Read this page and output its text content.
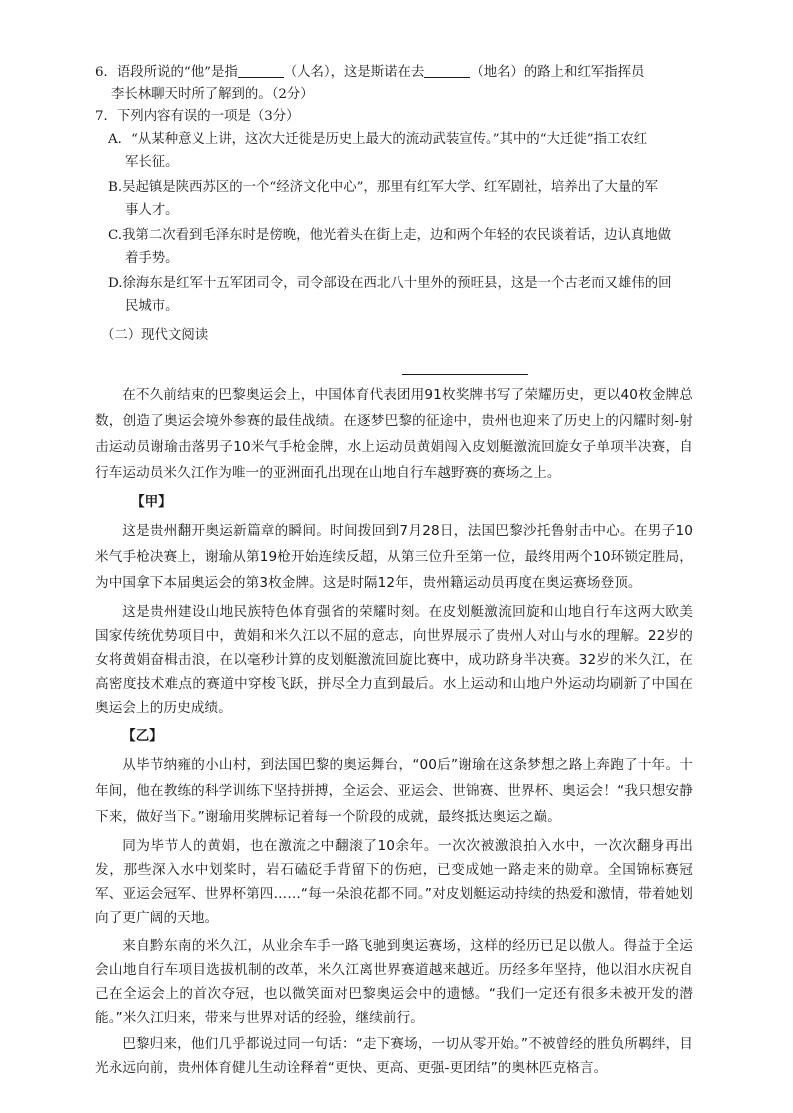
6．语段所说的“他”是指	（人名），这是斯诺在去	（地名）的路上和红军指挥员

李长林聊天时所了解到的。（2分）

7．下列内容有误的一项是（3分）

A．“从某种意义上讲，这次大迁徙是历史上最大的流动武装宣传。”其中的“大迁徙”指工农红

军长征。

B.吴起镇是陕西苏区的一个“经济文化中心”，那里有红军大学、红军剧社，培养出了大量的军

事人才。

C.我第二次看到毛泽东时是傍晚，他光着头在街上走，边和两个年轻的农民谈着话，边认真地做

着手势。

D.徐海东是红军十五军团司令，司令部设在西北八十里外的预旺县，这是一个古老而又雄伟的回

民城市。

（二）现代文阅读

在不久前结束的巴黎奥运会上，中国体育代表团用91枚奖牌书写了荣耀历史，更以40枚金牌总数，创造了奥运会境外参赛的最佳战绩。在逐梦巴黎的征途中，贵州也迎来了历史上的闪耀时刻-射击运动员谢瑜击落男子10米气手枪金牌，水上运动员黄娟闯入皮划艇激流回旋女子单项半决赛，自行车运动员米久江作为唯一的亚洲面孔出现在山地自行车越野赛的赛场之上。

【甲】

这是贵州翻开奥运新篇章的瞬间。时间拨回到7月28日，法国巴黎沙托鲁射击中心。在男子10米气手枪决赛上，谢瑜从第19枪开始连续反超，从第三位升至第一位，最终用两个10环锁定胜局，为中国拿下本届奥运会的第3枚金牌。这是时隔12年，贵州籍运动员再度在奥运赛场登顶。

这是贵州建设山地民族特色体育强省的荣耀时刻。在皮划艇激流回旋和山地自行车这两大欧美国家传统优势项目中，黄娟和米久江以不屈的意志，向世界展示了贵州人对山与水的理解。22岁的女将黄娟奋楫击浪，在以毫秒计算的皮划艇激流回旋比赛中，成功跻身半决赛。32岁的米久江，在高密度技术难点的赛道中穿梭飞跃，拼尽全力直到最后。水上运动和山地户外运动均刷新了中国在奥运会上的历史成绩。

【乙】

从毕节纳雍的小山村，到法国巴黎的奥运舞台，“00后”谢瑜在这条梦想之路上奔跑了十年。十年间，他在教练的科学训练下坚持拼搏，全运会、亚运会、世锦赛、世界杯、奥运会！“我只想安静下来，做好当下。”谢瑜用奖牌标记着每一个阶段的成就，最终抵达奥运之巅。

同为毕节人的黄娟，也在激流之中翻滚了10余年。一次次被激浪拍入水中，一次次翻身再出发，那些深入水中划桨时，岩石磕砭手背留下的伤疤，已变成她一路走来的勋章。全国锦标赛冠军、亚运会冠军、世界杯第四……“每一朵浪花都不同。”对皮划艇运动持续的热爱和激情，带着她划向了更广阔的天地。

来自黔东南的米久江，从业余车手一路飞驰到奥运赛场，这样的经历已足以傲人。得益于全运会山地自行车项目选拔机制的改革，米久江离世界赛道越来越近。历经多年坚持，他以泪水庆祝自己在全运会上的首次夺冠，也以微笑面对巴黎奥运会中的遗憾。“我们一定还有很多未被开发的潜能。”米久江归来，带来与世界对话的经验，继续前行。

巴黎归来，他们几乎都说过同一句话：“走下赛场，一切从零开始。”不被曾经的胜负所羁绊，目光永远向前，贵州体育健儿生动诠释着“更快、更高、更强-更团结”的奥林匹克格言。
